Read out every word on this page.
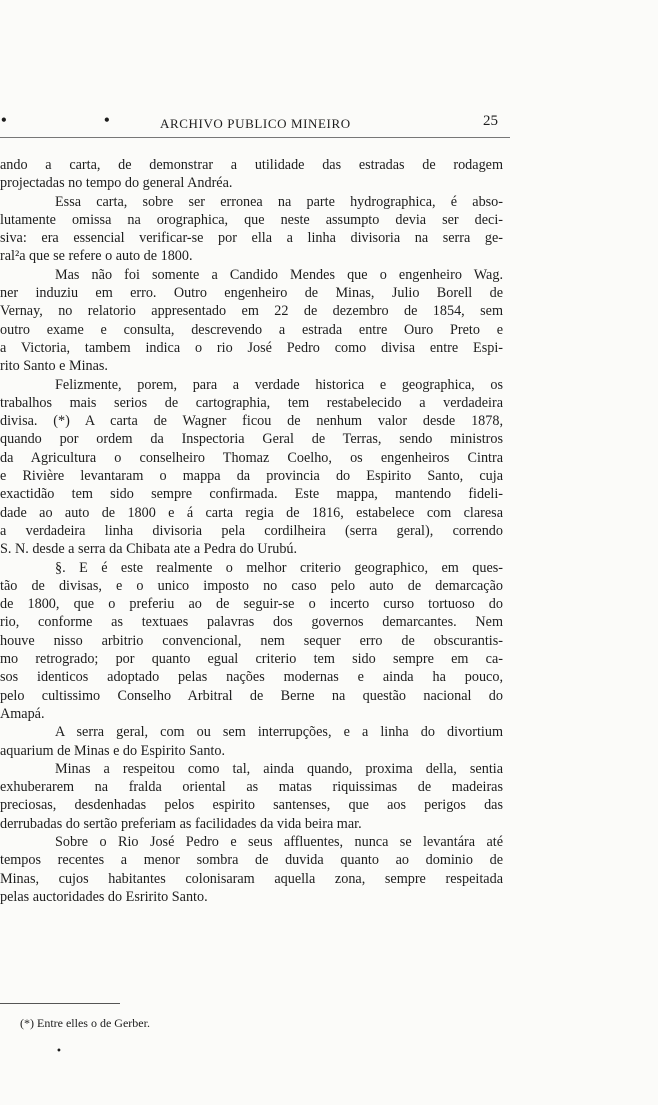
•	•	ARCHIVO PUBLICO MINEIRO	25
ando a carta, de demonstrar a utilidade das estradas de rodagem
projectadas no tempo do general Andréa.
Essa carta, sobre ser erronea na parte hydrographica, é abso-
lutamente omissa na orographica, que neste assumpto devia ser deci-
siva: era essencial verificar-se por ella a linha divisoria na serra ge-
ral²a que se refere o auto de 1800.
Mas não foi somente a Candido Mendes que o engenheiro Wag.
ner induziu em erro. Outro engenheiro de Minas, Julio Borell de
Vernay, no relatorio appresentado em 22 de dezembro de 1854, sem
outro exame e consulta, descrevendo a estrada entre Ouro Preto e
a Victoria, tambem indica o rio José Pedro como divisa entre Espi-
rito Santo e Minas.
Felizmente, porem, para a verdade historica e geographica, os
trabalhos mais serios de cartographia, tem restabelecido a verdadeira
divisa. (*) A carta de Wagner ficou de nenhum valor desde 1878,
quando por ordem da Inspectoria Geral de Terras, sendo ministros
da Agricultura o conselheiro Thomaz Coelho, os engenheiros Cintra
e Rivière levantaram o mappa da provincia do Espirito Santo, cuja
exactidão tem sido sempre confirmada. Este mappa, mantendo fideli-
dade ao auto de 1800 e á carta regia de 1816, estabelece com claresa
a verdadeira linha divisoria pela cordilheira (serra geral), correndo
S. N. desde a serra da Chibata ate a Pedra do Urubú.
§. E é este realmente o melhor criterio geographico, em ques-
tão de divisas, e o unico imposto no caso pelo auto de demarcação
de 1800, que o preferiu ao de seguir-se o incerto curso tortuoso do
rio, conforme as textuaes palavras dos governos demarcantes. Nem
houve nisso arbitrio convencional, nem sequer erro de obscurantis-
mo retrogrado; por quanto egual criterio tem sido sempre em ca-
sos identicos adoptado pelas nações modernas e ainda ha pouco,
pelo cultissimo Conselho Arbitral de Berne na questão nacional do
Amapá.
A serra geral, com ou sem interrupções, e a linha do divortium
aquarium de Minas e do Espirito Santo.
Minas a respeitou como tal, ainda quando, proxima della, sentia
exhuberarem na fralda oriental as matas riquissimas de madeiras
preciosas, desdenhadas pelos espirito santenses, que aos perigos das
derrubadas do sertão preferiam as facilidades da vida beira mar.
Sobre o Rio José Pedro e seus affluentes, nunca se levantára até
tempos recentes a menor sombra de duvida quanto ao dominio de
Minas, cujos habitantes colonisaram aquella zona, sempre respeitada
pelas auctoridades do Esririto Santo.
(*) Entre elles o de Gerber.
•
